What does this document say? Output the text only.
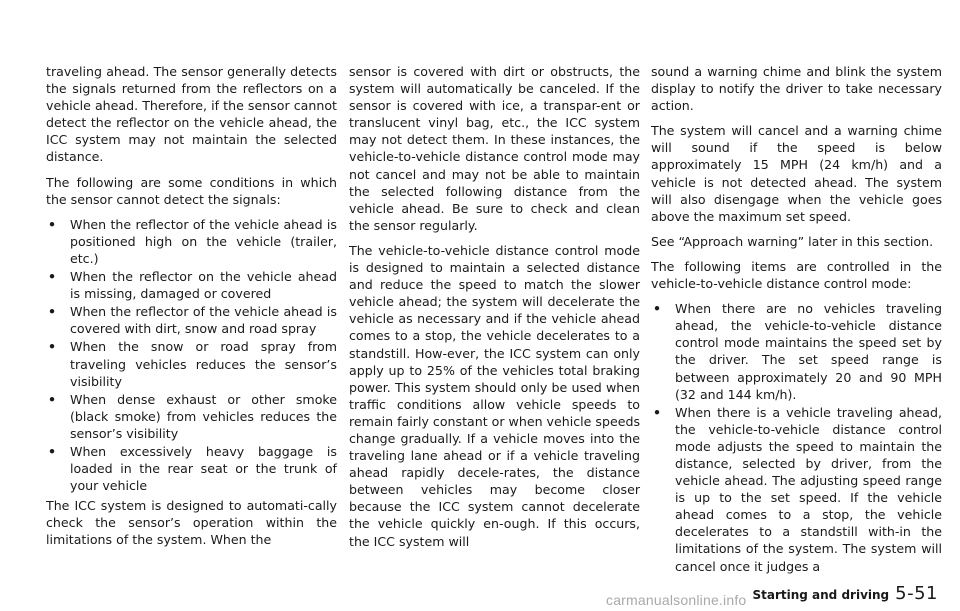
traveling ahead. The sensor generally detects the signals returned from the reflectors on a vehicle ahead. Therefore, if the sensor cannot detect the reflector on the vehicle ahead, the ICC system may not maintain the selected distance.

The following are some conditions in which the sensor cannot detect the signals:

• When the reflector of the vehicle ahead is positioned high on the vehicle (trailer, etc.)
• When the reflector on the vehicle ahead is missing, damaged or covered
• When the reflector of the vehicle ahead is covered with dirt, snow and road spray
• When the snow or road spray from traveling vehicles reduces the sensor’s visibility
• When dense exhaust or other smoke (black smoke) from vehicles reduces the sensor’s visibility
• When excessively heavy baggage is loaded in the rear seat or the trunk of your vehicle

The ICC system is designed to automati-cally check the sensor’s operation within the limitations of the system. When the

sensor is covered with dirt or obstructs, the system will automatically be canceled. If the sensor is covered with ice, a transpar-ent or translucent vinyl bag, etc., the ICC system may not detect them. In these instances, the vehicle-to-vehicle distance control mode may not cancel and may not be able to maintain the selected following distance from the vehicle ahead. Be sure to check and clean the sensor regularly.

The vehicle-to-vehicle distance control mode is designed to maintain a selected distance and reduce the speed to match the slower vehicle ahead; the system will decelerate the vehicle as necessary and if the vehicle ahead comes to a stop, the vehicle decelerates to a standstill. How-ever, the ICC system can only apply up to 25% of the vehicles total braking power. This system should only be used when traffic conditions allow vehicle speeds to remain fairly constant or when vehicle speeds change gradually. If a vehicle moves into the traveling lane ahead or if a vehicle traveling ahead rapidly decele-rates, the distance between vehicles may become closer because the ICC system cannot decelerate the vehicle quickly en-ough. If this occurs, the ICC system will

sound a warning chime and blink the system display to notify the driver to take necessary action.

The system will cancel and a warning chime will sound if the speed is below approximately 15 MPH (24 km/h) and a vehicle is not detected ahead. The system will also disengage when the vehicle goes above the maximum set speed.

See “Approach warning” later in this section.

The following items are controlled in the vehicle-to-vehicle distance control mode:

• When there are no vehicles traveling ahead, the vehicle-to-vehicle distance control mode maintains the speed set by the driver. The set speed range is between approximately 20 and 90 MPH (32 and 144 km/h).
• When there is a vehicle traveling ahead, the vehicle-to-vehicle distance control mode adjusts the speed to maintain the distance, selected by driver, from the vehicle ahead. The adjusting speed range is up to the set speed. If the vehicle ahead comes to a stop, the vehicle decelerates to a standstill with-in the limitations of the system. The system will cancel once it judges a
Starting and driving 5-51
carmanualsonline.info
